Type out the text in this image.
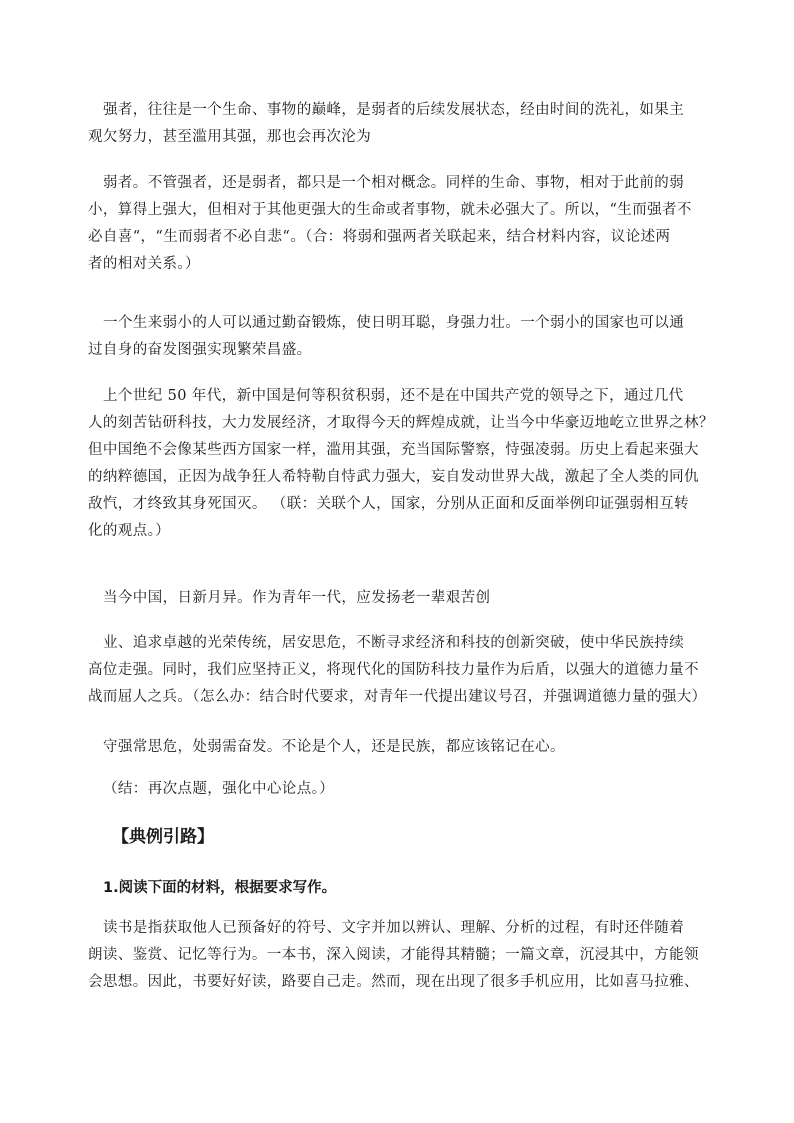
强者，往往是一个生命、事物的巅峰，是弱者的后续发展状态，经由时间的洗礼，如果主
观欠努力，甚至滥用其强，那也会再次沦为
弱者。不管强者，还是弱者，都只是一个相对概念。同样的生命、事物，相对于此前的弱
小，算得上强大，但相对于其他更强大的生命或者事物，就未必强大了。所以，“生而强者不
必自喜“，“生而弱者不必自悲“。（合：将弱和强两者关联起来，结合材料内容，议论述两
者的相对关系。）
一个生来弱小的人可以通过勤奋锻炼，使日明耳聪，身强力壮。一个弱小的国家也可以通
过自身的奋发图强实现繁荣昌盛。
上个世纪 50 年代，新中国是何等积贫积弱，还不是在中国共产党的领导之下，通过几代
人的刻苦钻研科技，大力发展经济，才取得今天的辉煌成就，让当今中华豪迈地屹立世界之林？
但中国绝不会像某些西方国家一样，滥用其强，充当国际警察，恃强凌弱。历史上看起来强大
的纳粹德国，正因为战争狂人希特勒自恃武力强大，妄自发动世界大战，激起了全人类的同仇
敌忾，才终致其身死国灭。 （联：关联个人，国家，分别从正面和反面举例印证强弱相互转
化的观点。）
当今中国，日新月异。作为青年一代，应发扬老一辈艰苦创
业、追求卓越的光荣传统，居安思危，不断寻求经济和科技的创新突破，使中华民族持续
高位走强。同时，我们应坚持正义，将现代化的国防科技力量作为后盾，以强大的道德力量不
战而屈人之兵。（怎么办：结合时代要求，对青年一代提出建议号召，并强调道德力量的强大）
守强常思危，处弱需奋发。不论是个人，还是民族，都应该铭记在心。
（结：再次点题，强化中心论点。）
【典例引路】
1.阅读下面的材料，根据要求写作。
读书是指获取他人已预备好的符号、文字并加以辨认、理解、分析的过程，有时还伴随着
朗读、鉴赏、记忆等行为。一本书，深入阅读，才能得其精髓；一篇文章，沉浸其中，方能领
会思想。因此，书要好好读，路要自己走。然而，现在出现了很多手机应用，比如喜马拉雅、
